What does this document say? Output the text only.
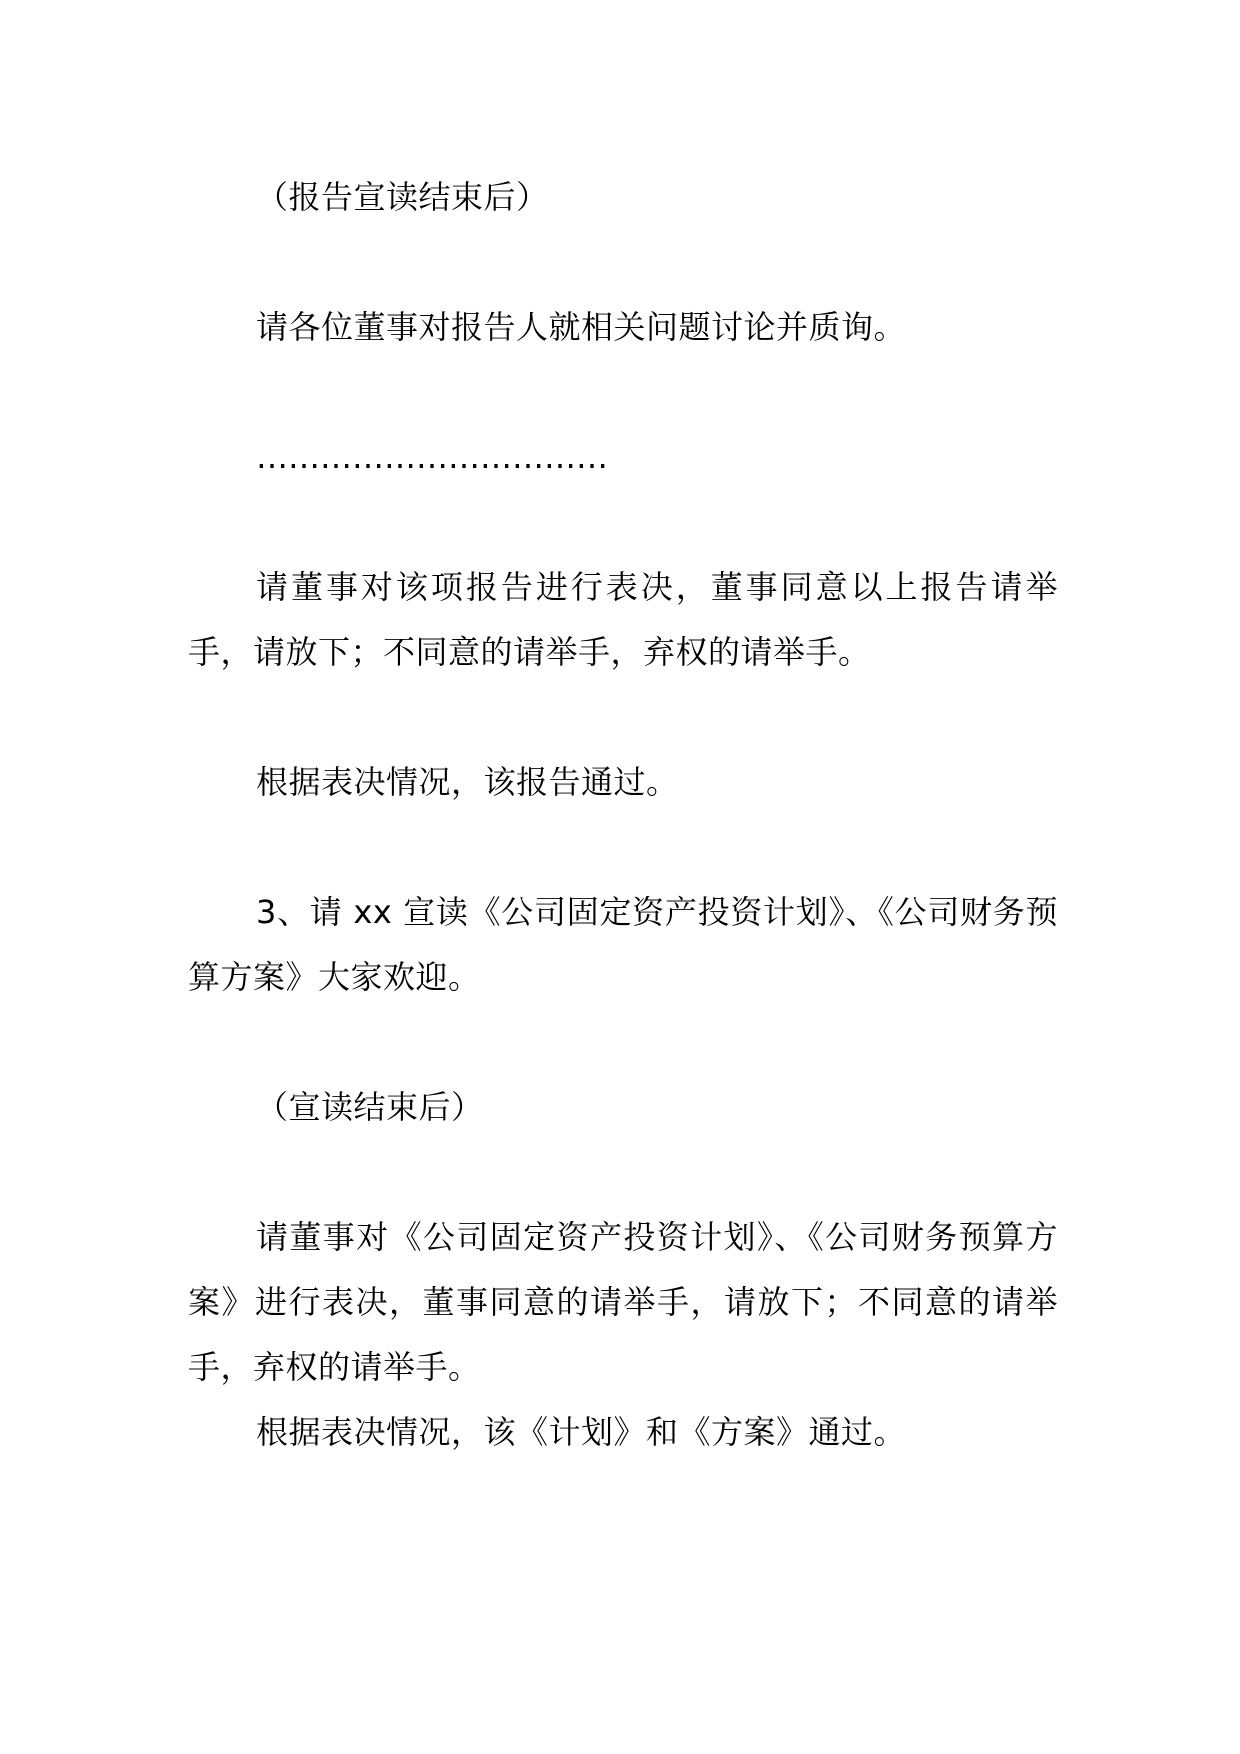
（报告宣读结束后）

请各位董事对报告人就相关问题讨论并质询。

……………………………

请董事对该项报告进行表决，董事同意以上报告请举手，请放下；不同意的请举手，弃权的请举手。

根据表决情况，该报告通过。

3、请 xx 宣读《公司固定资产投资计划》、《公司财务预算方案》大家欢迎。

（宣读结束后）

请董事对《公司固定资产投资计划》、《公司财务预算方案》进行表决，董事同意的请举手，请放下；不同意的请举手，弃权的请举手。

根据表决情况，该《计划》和《方案》通过。
